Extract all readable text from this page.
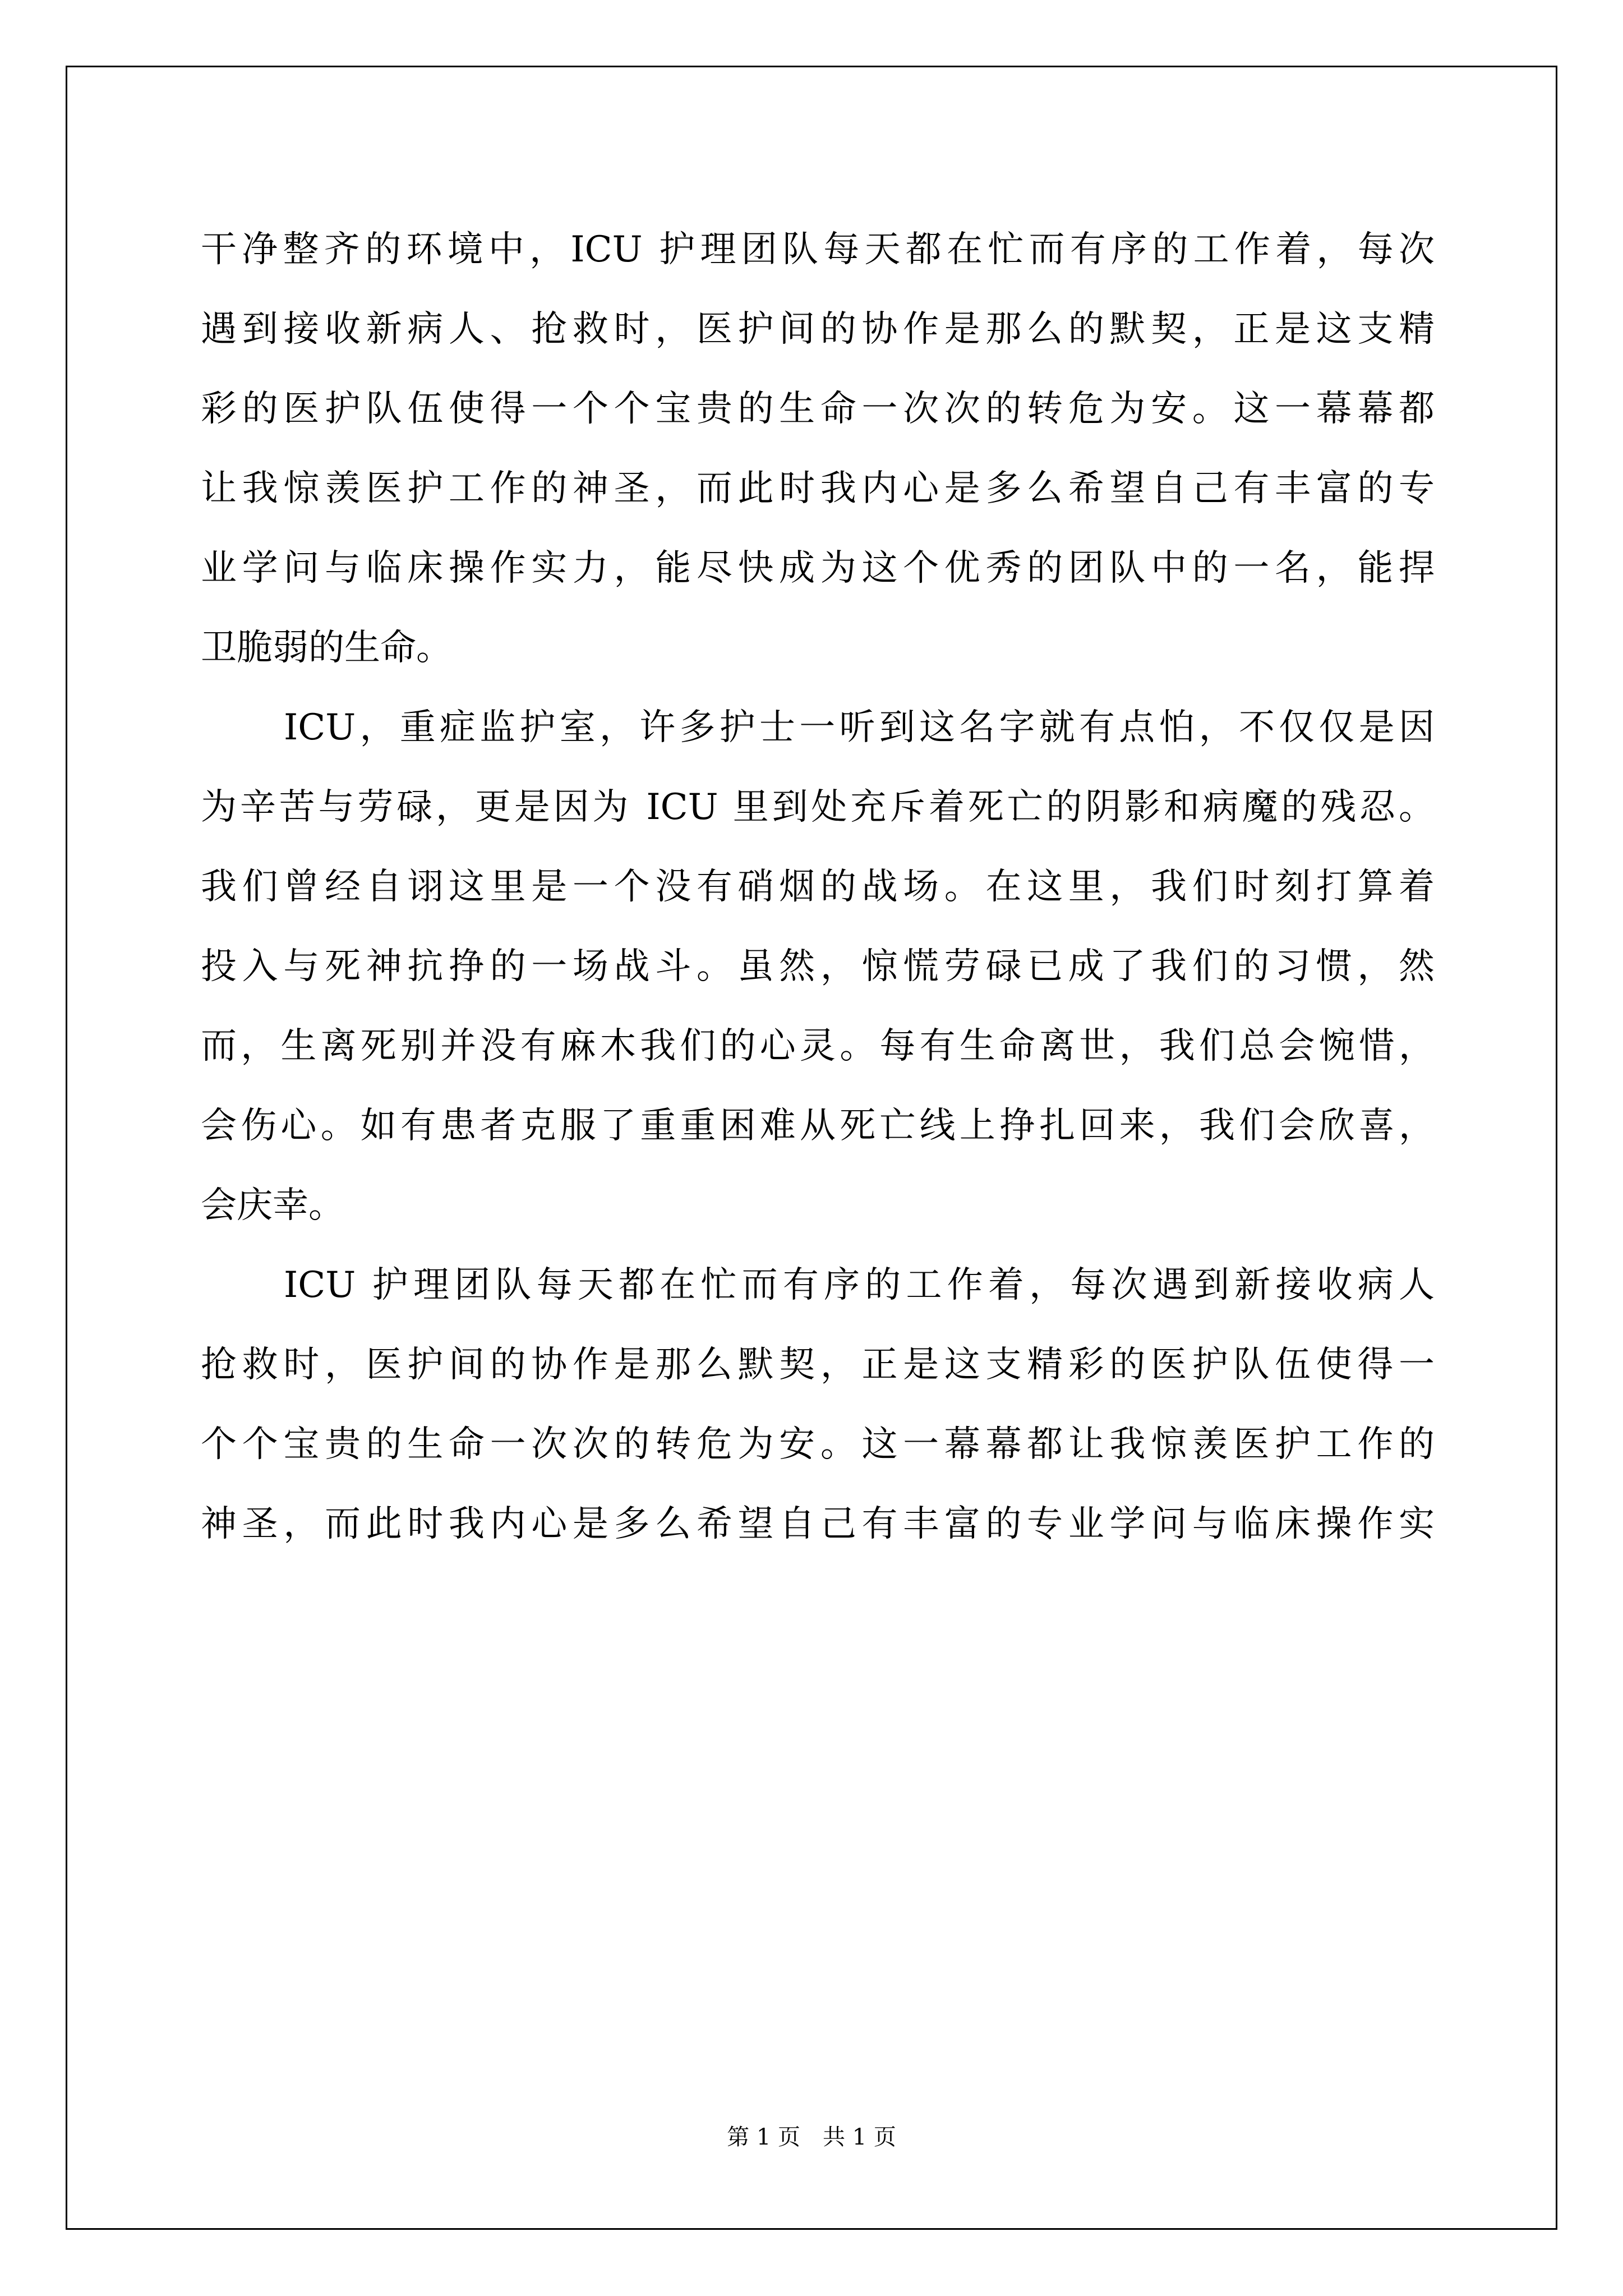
干净整齐的环境中，ICU 护理团队每天都在忙而有序的工作着，每次
遇到接收新病人、抢救时，医护间的协作是那么的默契，正是这支精
彩的医护队伍使得一个个宝贵的生命一次次的转危为安。这一幕幕都
让我惊羡医护工作的神圣，而此时我内心是多么希望自己有丰富的专
业学问与临床操作实力，能尽快成为这个优秀的团队中的一名，能捍
卫脆弱的生命。
ICU，重症监护室，许多护士一听到这名字就有点怕，不仅仅是因
为辛苦与劳碌，更是因为 ICU 里到处充斥着死亡的阴影和病魔的残忍。
我们曾经自诩这里是一个没有硝烟的战场。在这里，我们时刻打算着
投入与死神抗挣的一场战斗。虽然，惊慌劳碌已成了我们的习惯，然
而，生离死别并没有麻木我们的心灵。每有生命离世，我们总会惋惜，
会伤心。如有患者克服了重重困难从死亡线上挣扎回来，我们会欣喜，
会庆幸。
ICU 护理团队每天都在忙而有序的工作着，每次遇到新接收病人
抢救时，医护间的协作是那么默契，正是这支精彩的医护队伍使得一
个个宝贵的生命一次次的转危为安。这一幕幕都让我惊羡医护工作的
神圣，而此时我内心是多么希望自己有丰富的专业学问与临床操作实
第 1 页　共 1 页
